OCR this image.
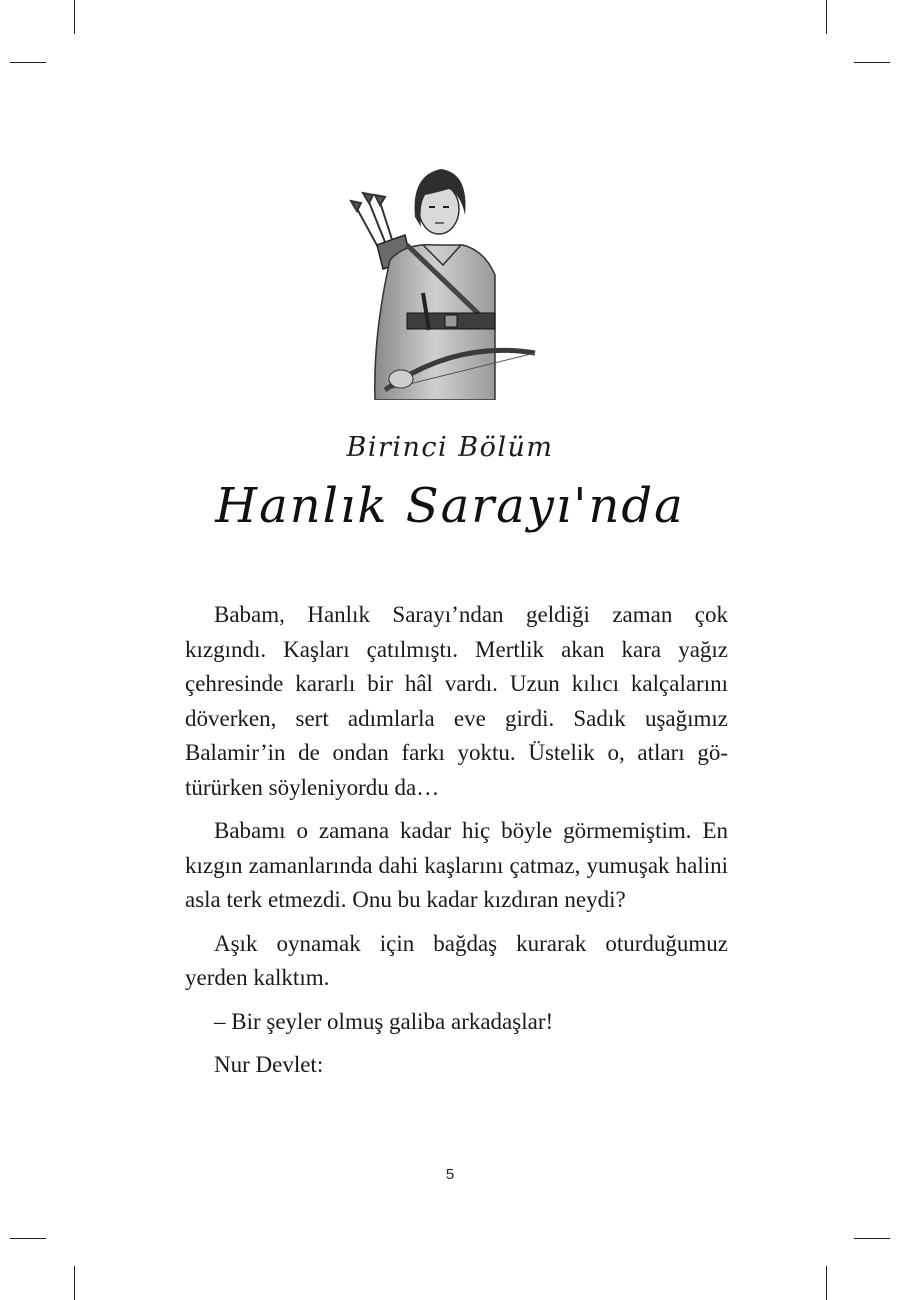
Birinci Bölüm
Hanlık Sarayı'nda

Babam, Hanlık Sarayı’ndan geldiği zaman çok kızgındı. Kaşları çatılmıştı. Mertlik akan kara yağız çehresinde kararlı bir hâl vardı. Uzun kılıcı kalçalarını döverken, sert adımlarla eve girdi. Sadık uşağımız Balamir’in de ondan farkı yoktu. Üstelik o, atları götürürken söyleniyordu da…

Babamı o zamana kadar hiç böyle görmemiştim. En kızgın zamanlarında dahi kaşlarını çatmaz, yumuşak halini asla terk etmezdi. Onu bu kadar kızdıran neydi?

Aşık oynamak için bağdaş kurarak oturduğumuz yerden kalktım.

– Bir şeyler olmuş galiba arkadaşlar!

Nur Devlet:

5
